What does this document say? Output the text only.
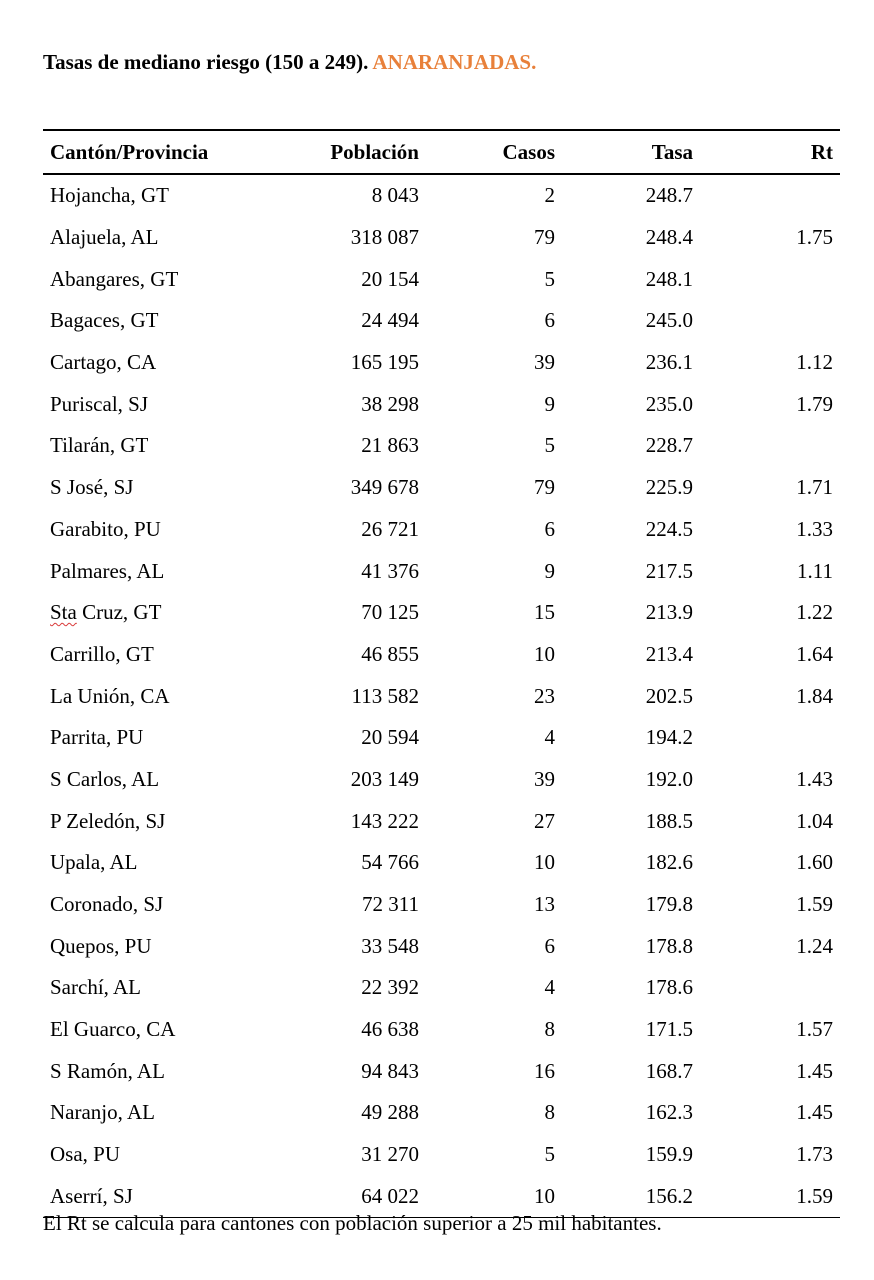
Tasas de mediano riesgo (150 a 249). ANARANJADAS.
Cantón/Provincia	Población	Casos	Tasa	Rt
Hojancha, GT	8 043	2	248.7	
Alajuela, AL	318 087	79	248.4	1.75
Abangares, GT	20 154	5	248.1	
Bagaces, GT	24 494	6	245.0	
Cartago, CA	165 195	39	236.1	1.12
Puriscal, SJ	38 298	9	235.0	1.79
Tilarán, GT	21 863	5	228.7	
S José, SJ	349 678	79	225.9	1.71
Garabito, PU	26 721	6	224.5	1.33
Palmares, AL	41 376	9	217.5	1.11
Sta Cruz, GT	70 125	15	213.9	1.22
Carrillo, GT	46 855	10	213.4	1.64
La Unión, CA	113 582	23	202.5	1.84
Parrita, PU	20 594	4	194.2	
S Carlos, AL	203 149	39	192.0	1.43
P Zeledón, SJ	143 222	27	188.5	1.04
Upala, AL	54 766	10	182.6	1.60
Coronado, SJ	72 311	13	179.8	1.59
Quepos, PU	33 548	6	178.8	1.24
Sarchí, AL	22 392	4	178.6	
El Guarco, CA	46 638	8	171.5	1.57
S Ramón, AL	94 843	16	168.7	1.45
Naranjo, AL	49 288	8	162.3	1.45
Osa, PU	31 270	5	159.9	1.73
Aserrí, SJ	64 022	10	156.2	1.59
El Rt se calcula para cantones con población superior a 25 mil habitantes.
